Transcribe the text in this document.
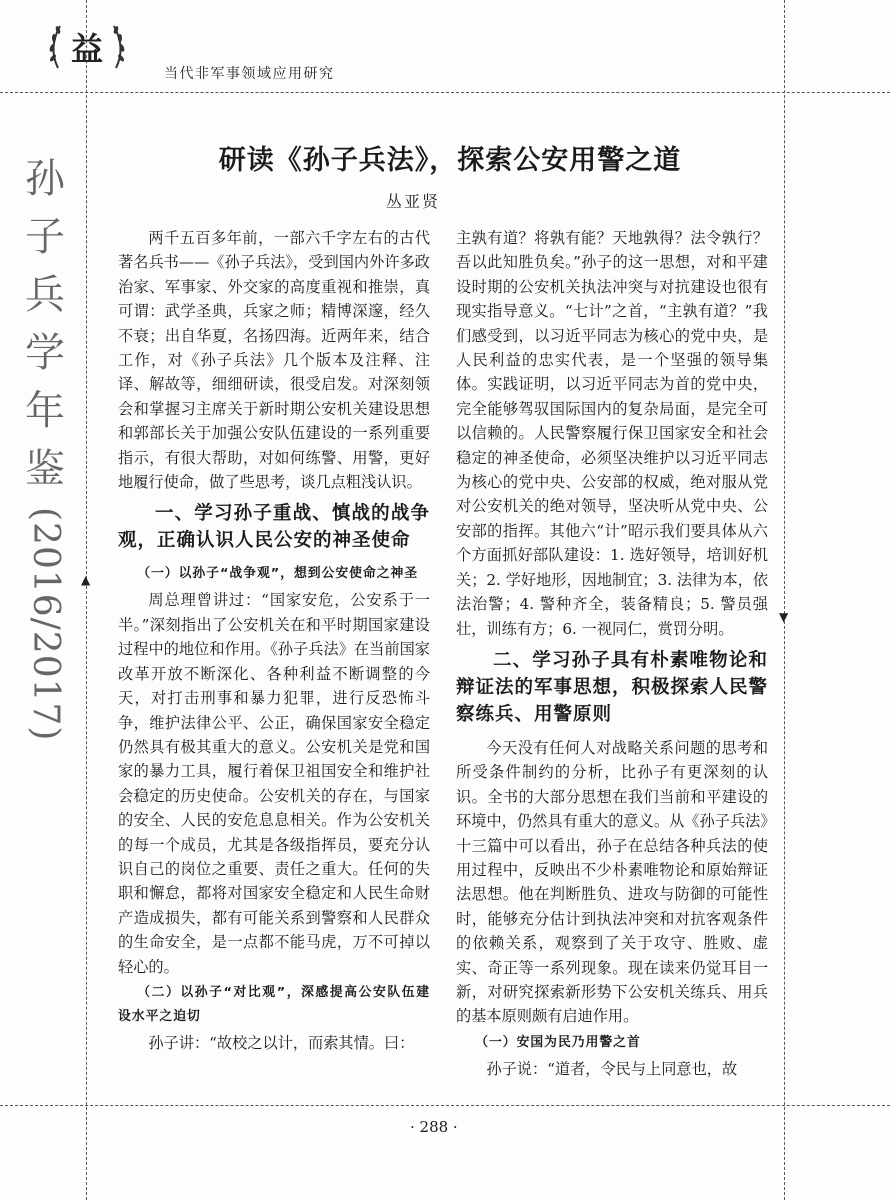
益
当代非军事领域应用研究
孙
子
兵
学
年
鉴
(2016/2017) ▲
▼
研读《孙子兵法》，探索公安用警之道
丛亚贤

两千五百多年前，一部六千字左右的古代著名兵书——《孙子兵法》，受到国内外许多政治家、军事家、外交家的高度重视和推崇，真可谓：武学圣典，兵家之师；精博深邃，经久不衰；出自华夏，名扬四海。近两年来，结合工作，对《孙子兵法》几个版本及注释、注译、解故等，细细研读，很受启发。对深刻领会和掌握习主席关于新时期公安机关建设思想和郭部长关于加强公安队伍建设的一系列重要指示，有很大帮助，对如何练警、用警，更好地履行使命，做了些思考，谈几点粗浅认识。

一、学习孙子重战、慎战的战争观，正确认识人民公安的神圣使命
（一）以孙子“战争观”，想到公安使命之神圣

周总理曾讲过：“国家安危，公安系于一半。”深刻指出了公安机关在和平时期国家建设过程中的地位和作用。《孙子兵法》在当前国家改革开放不断深化、各种利益不断调整的今天，对打击刑事和暴力犯罪，进行反恐怖斗争，维护法律公平、公正，确保国家安全稳定仍然具有极其重大的意义。公安机关是党和国家的暴力工具，履行着保卫祖国安全和维护社会稳定的历史使命。公安机关的存在，与国家的安全、人民的安危息息相关。作为公安机关的每一个成员，尤其是各级指挥员，要充分认识自己的岗位之重要、责任之重大。任何的失职和懈怠，都将对国家安全稳定和人民生命财产造成损失，都有可能关系到警察和人民群众的生命安全，是一点都不能马虎，万不可掉以轻心的。

（二）以孙子“对比观”，深感提高公安队伍建设水平之迫切

孙子讲：“故校之以计，而索其情。曰：

主孰有道？将孰有能？天地孰得？法令孰行？吾以此知胜负矣。”孙子的这一思想，对和平建设时期的公安机关执法冲突与对抗建设也很有现实指导意义。“七计”之首，“主孰有道？”我们感受到，以习近平同志为核心的党中央，是人民利益的忠实代表，是一个坚强的领导集体。实践证明，以习近平同志为首的党中央，完全能够驾驭国际国内的复杂局面，是完全可以信赖的。人民警察履行保卫国家安全和社会稳定的神圣使命，必须坚决维护以习近平同志为核心的党中央、公安部的权威，绝对服从党对公安机关的绝对领导，坚决听从党中央、公安部的指挥。其他六“计”昭示我们要具体从六个方面抓好部队建设：1. 选好领导，培训好机关；2. 学好地形，因地制宜；3. 法律为本，依法治警；4. 警种齐全，装备精良；5. 警员强壮，训练有方；6. 一视同仁，赏罚分明。

二、学习孙子具有朴素唯物论和辩证法的军事思想，积极探索人民警察练兵、用警原则

今天没有任何人对战略关系问题的思考和所受条件制约的分析，比孙子有更深刻的认识。全书的大部分思想在我们当前和平建设的环境中，仍然具有重大的意义。从《孙子兵法》十三篇中可以看出，孙子在总结各种兵法的使用过程中，反映出不少朴素唯物论和原始辩证法思想。他在判断胜负、进攻与防御的可能性时，能够充分估计到执法冲突和对抗客观条件的依赖关系，观察到了关于攻守、胜败、虚实、奇正等一系列现象。现在读来仍觉耳目一新，对研究探索新形势下公安机关练兵、用兵的基本原则颇有启迪作用。

（一）安国为民乃用警之首

孙子说：“道者，令民与上同意也，故

· 288 ·
